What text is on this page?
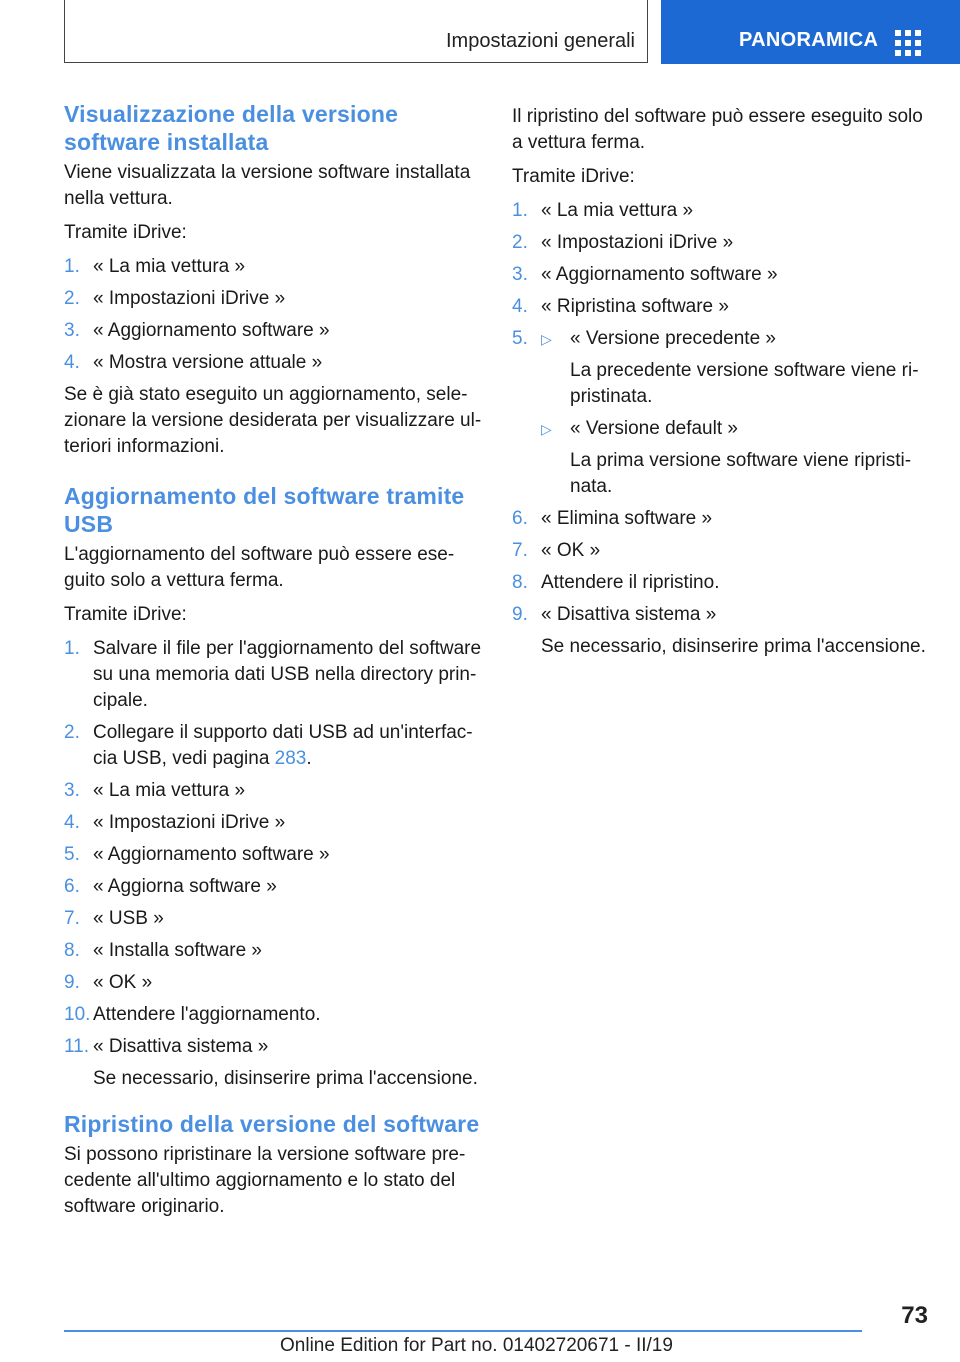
Impostazioni generali	PANORAMICA
Visualizzazione della versione software installata

Viene visualizzata la versione software installata nella vettura.

Tramite iDrive:

1. « La mia vettura »
2. « Impostazioni iDrive »
3. « Aggiornamento software »
4. « Mostra versione attuale »

Se è già stato eseguito un aggiornamento, sele- zionare la versione desiderata per visualizzare ul- teriori informazioni.

Aggiornamento del software tramite USB

L'aggiornamento del software può essere ese- guito solo a vettura ferma.

Tramite iDrive:

1. Salvare il file per l'aggiornamento del software su una memoria dati USB nella directory prin- cipale.
2. Collegare il supporto dati USB ad un'interfac- cia USB, vedi pagina 283.
3. « La mia vettura »
4. « Impostazioni iDrive »
5. « Aggiornamento software »
6. « Aggiorna software »
7. « USB »
8. « Installa software »
9. « OK »
10. Attendere l'aggiornamento.
11. « Disattiva sistema »
Se necessario, disinserire prima l'accensione.
Ripristino della versione del software

Si possono ripristinare la versione software pre- cedente all'ultimo aggiornamento e lo stato del software originario.

Il ripristino del software può essere eseguito solo a vettura ferma.

Tramite iDrive:

1. « La mia vettura »
2. « Impostazioni iDrive »
3. « Aggiornamento software »
4. « Ripristina software »
5. ▷ « Versione precedente »
La precedente versione software viene ri- pristinata.
▷ « Versione default »
La prima versione software viene ripristi- nata.
6. « Elimina software »
7. « OK »
8. Attendere il ripristino.
9. « Disattiva sistema »
Se necessario, disinserire prima l'accensione.
73
Online Edition for Part no. 01402720671 - II/19
